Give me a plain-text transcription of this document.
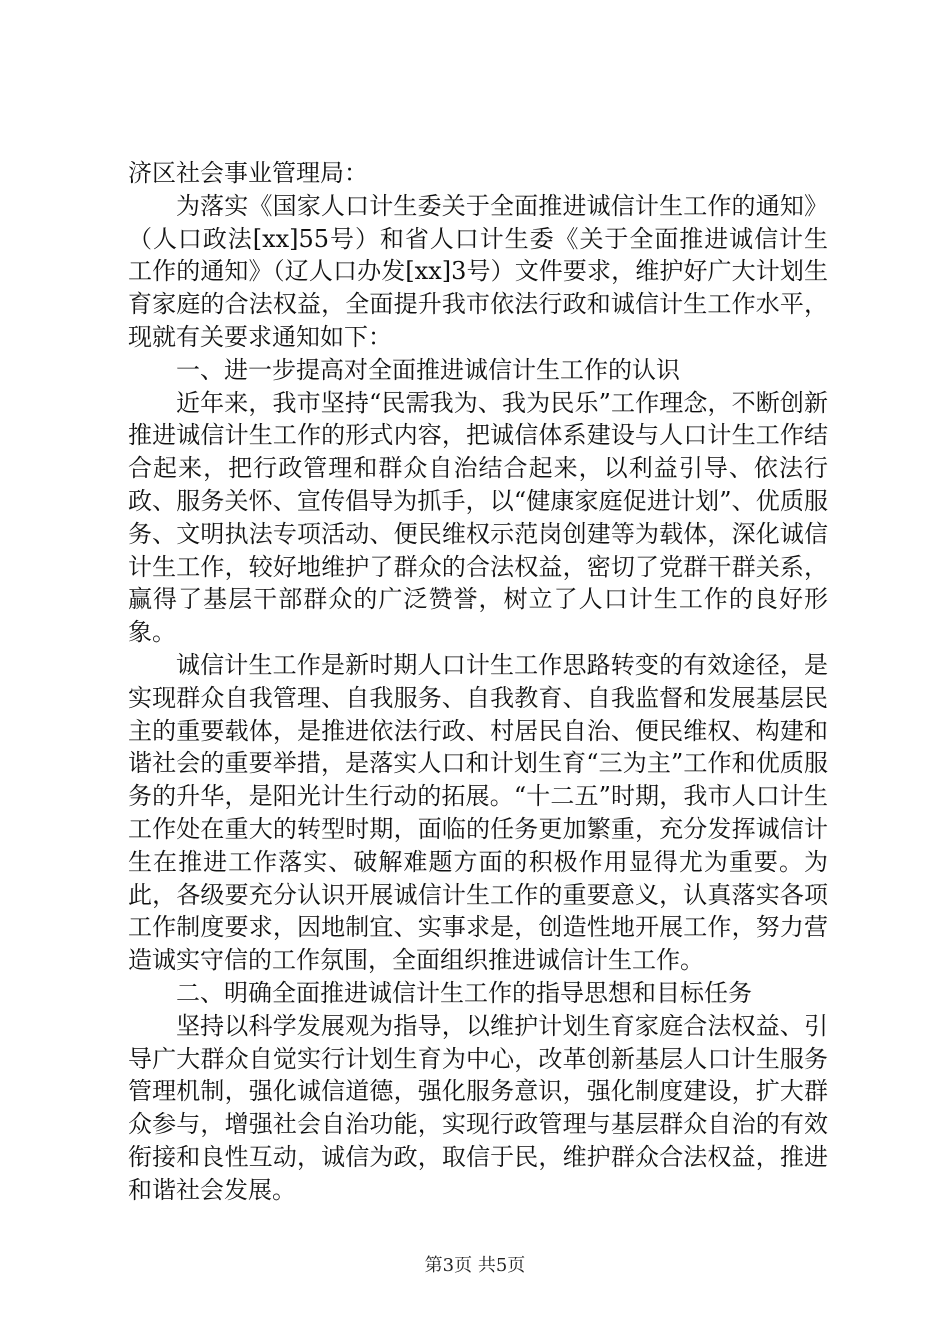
济区社会事业管理局：

为落实《国家人口计生委关于全面推进诚信计生工作的通知》（人口政法[xx]55号）和省人口计生委《关于全面推进诚信计生工作的通知》（辽人口办发[xx]3号）文件要求，维护好广大计划生育家庭的合法权益，全面提升我市依法行政和诚信计生工作水平，现就有关要求通知如下：

一、进一步提高对全面推进诚信计生工作的认识

近年来，我市坚持“民需我为、我为民乐”工作理念，不断创新推进诚信计生工作的形式内容，把诚信体系建设与人口计生工作结合起来，把行政管理和群众自治结合起来，以利益引导、依法行政、服务关怀、宣传倡导为抓手，以“健康家庭促进计划”、优质服务、文明执法专项活动、便民维权示范岗创建等为载体，深化诚信计生工作，较好地维护了群众的合法权益，密切了党群干群关系，赢得了基层干部群众的广泛赞誉，树立了人口计生工作的良好形象。

诚信计生工作是新时期人口计生工作思路转变的有效途径，是实现群众自我管理、自我服务、自我教育、自我监督和发展基层民主的重要载体，是推进依法行政、村居民自治、便民维权、构建和谐社会的重要举措，是落实人口和计划生育“三为主”工作和优质服务的升华，是阳光计生行动的拓展。“十二五”时期，我市人口计生工作处在重大的转型时期，面临的任务更加繁重，充分发挥诚信计生在推进工作落实、破解难题方面的积极作用显得尤为重要。为此，各级要充分认识开展诚信计生工作的重要意义，认真落实各项工作制度要求，因地制宜、实事求是，创造性地开展工作，努力营造诚实守信的工作氛围，全面组织推进诚信计生工作。

二、明确全面推进诚信计生工作的指导思想和目标任务

坚持以科学发展观为指导，以维护计划生育家庭合法权益、引导广大群众自觉实行计划生育为中心，改革创新基层人口计生服务管理机制，强化诚信道德，强化服务意识，强化制度建设，扩大群众参与，增强社会自治功能，实现行政管理与基层群众自治的有效衔接和良性互动，诚信为政，取信于民，维护群众合法权益，推进和谐社会发展。

第3页 共5页
